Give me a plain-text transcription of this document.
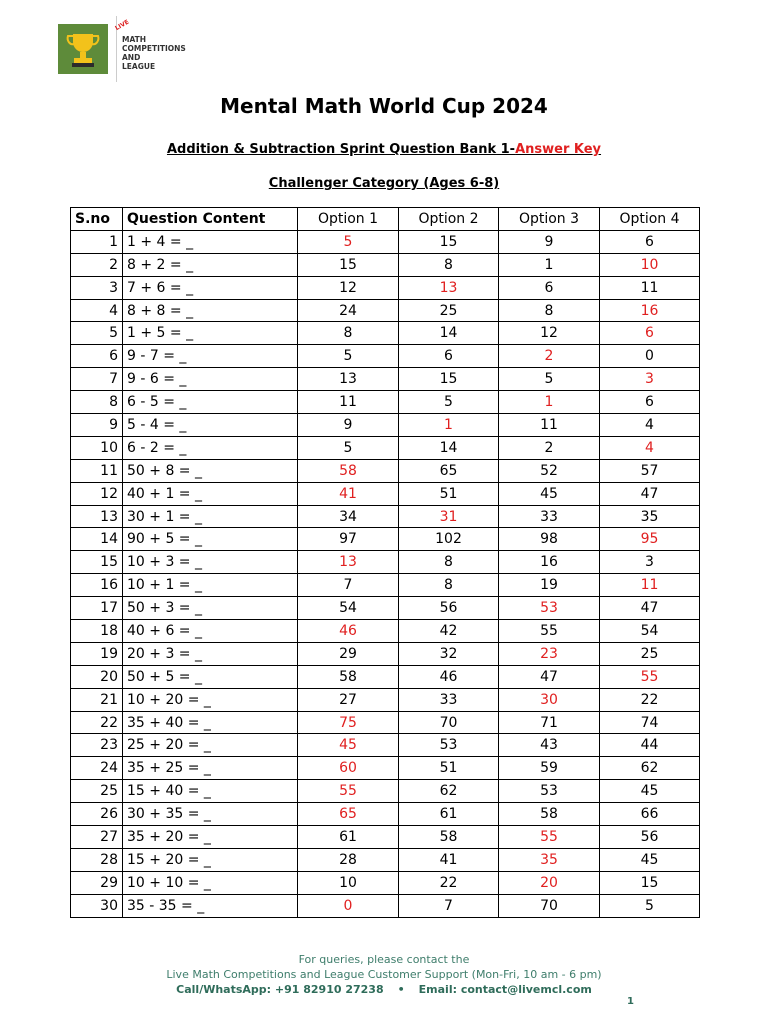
LIVE
MATH
COMPETITIONS
AND
LEAGUE
Mental Math World Cup 2024
Addition & Subtraction Sprint Question Bank 1-Answer Key
Challenger Category (Ages 6-8)
S.no	Question Content	Option 1	Option 2	Option 3	Option 4
1	1 + 4 = _	5	15	9	6
2	8 + 2 = _	15	8	1	10
3	7 + 6 = _	12	13	6	11
4	8 + 8 = _	24	25	8	16
5	1 + 5 = _	8	14	12	6
6	9 - 7 = _	5	6	2	0
7	9 - 6 = _	13	15	5	3
8	6 - 5 = _	11	5	1	6
9	5 - 4 = _	9	1	11	4
10	6 - 2 = _	5	14	2	4
11	50 + 8 = _	58	65	52	57
12	40 + 1 = _	41	51	45	47
13	30 + 1 = _	34	31	33	35
14	90 + 5 = _	97	102	98	95
15	10 + 3 = _	13	8	16	3
16	10 + 1 = _	7	8	19	11
17	50 + 3 = _	54	56	53	47
18	40 + 6 = _	46	42	55	54
19	20 + 3 = _	29	32	23	25
20	50 + 5 = _	58	46	47	55
21	10 + 20 = _	27	33	30	22
22	35 + 40 = _	75	70	71	74
23	25 + 20 = _	45	53	43	44
24	35 + 25 = _	60	51	59	62
25	15 + 40 = _	55	62	53	45
26	30 + 35 = _	65	61	58	66
27	35 + 20 = _	61	58	55	56
28	15 + 20 = _	28	41	35	45
29	10 + 10 = _	10	22	20	15
30	35 - 35 = _	0	7	70	5
For queries, please contact the
Live Math Competitions and League Customer Support (Mon-Fri, 10 am - 6 pm)
Call/WhatsApp: +91 82910 27238 • Email: contact@livemcl.com
1
